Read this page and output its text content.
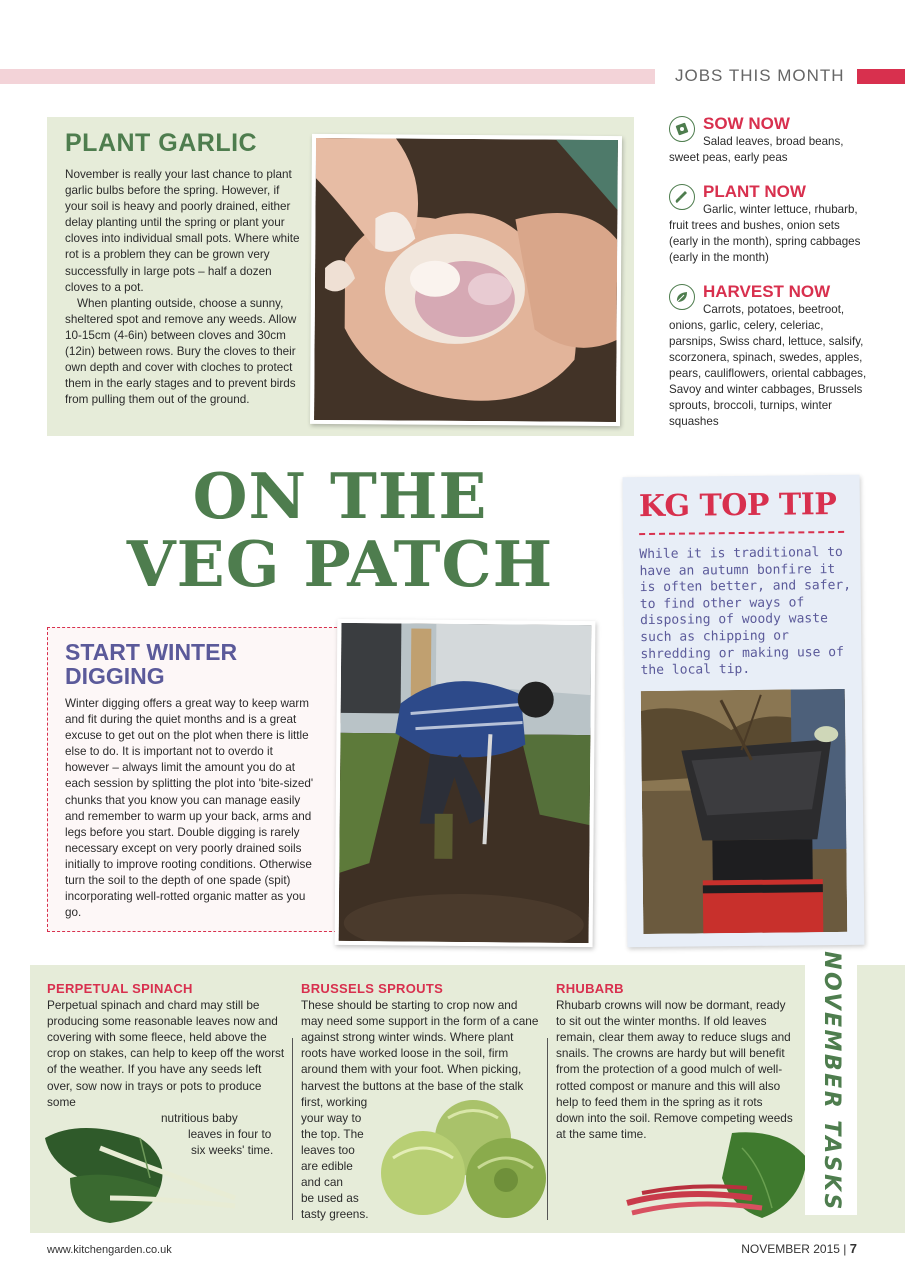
JOBS THIS MONTH
PLANT GARLIC

November is really your last chance to plant garlic bulbs before the spring. However, if your soil is heavy and poorly drained, either delay planting until the spring or plant your cloves into individual small pots. Where white rot is a problem they can be grown very successfully in large pots – half a dozen cloves to a pot.

When planting outside, choose a sunny, sheltered spot and remove any weeds. Allow 10-15cm (4-6in) between cloves and 30cm (12in) between rows. Bury the cloves to their own depth and cover with cloches to protect them in the early stages and to prevent birds from pulling them out of the ground.

SOW NOW
Salad leaves, broad beans, sweet peas, early peas
PLANT NOW
Garlic, winter lettuce, rhubarb, fruit trees and bushes, onion sets (early in the month), spring cabbages (early in the month)
HARVEST NOW
Carrots, potatoes, beetroot, onions, garlic, celery, celeriac, parsnips, Swiss chard, lettuce, salsify, scorzonera, spinach, swedes, apples, pears, cauliflowers, oriental cabbages, Savoy and winter cabbages, Brussels sprouts, broccoli, turnips, winter squashes
ON THE
VEG PATCH
KG TOP TIP
While it is traditional to have an autumn bonfire it is often better, and safer, to find other ways of disposing of woody waste such as chipping or shredding or making use of the local tip.
START WINTER DIGGING
Winter digging offers a great way to keep warm and fit during the quiet months and is a great excuse to get out on the plot when there is little else to do. It is important not to overdo it however – always limit the amount you do at each session by splitting the plot into 'bite-sized' chunks that you know you can manage easily and remember to warm up your back, arms and legs before you start. Double digging is rarely necessary except on very poorly drained soils initially to improve rooting conditions. Otherwise turn the soil to the depth of one spade (spit) incorporating well-rotted organic matter as you go.
PERPETUAL SPINACH
Perpetual spinach and chard may still be producing some reasonable leaves now and covering with some fleece, held above the crop on stakes, can help to keep off the worst of the weather. If you have any seeds left over, sow now in trays or pots to produce some
nutritious baby
leaves in four to
six weeks' time.
BRUSSELS SPROUTS
These should be starting to crop now and may need some support in the form of a cane against strong winter winds. Where plant roots have worked loose in the soil, firm around them with your foot. When picking, harvest the buttons at the base of the stalk first, working
your way to
the top. The
leaves too
are edible
and can
be used as
tasty greens.
RHUBARB
Rhubarb crowns will now be dormant, ready to sit out the winter months. If old leaves remain, clear them away to reduce slugs and snails. The crowns are hardy but will benefit from the protection of a good mulch of well-rotted compost or manure and this will also help to feed them in the spring as it rots down into the soil. Remove competing weeds at the same time.	NOVEMBER TASKS
www.kitchengarden.co.uk	NOVEMBER 2015 | 7
